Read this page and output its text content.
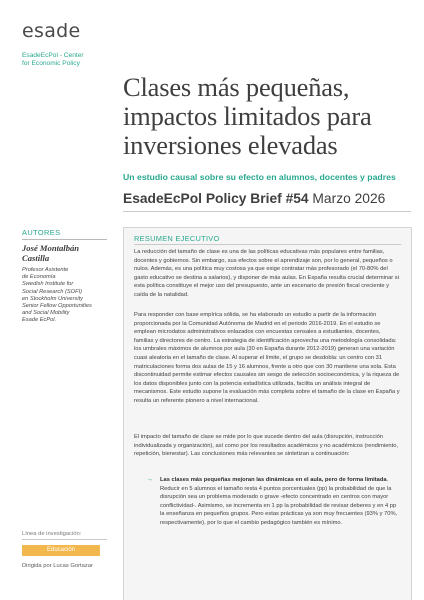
esade
EsadeEcPol - Center
for Economic Policy
AUTORES
José Montalbán
Castilla
Profesor Asistente
de Economía
Swedish Institute for
Social Research (SOFI)
en Stockholm University
Senior Fellow Opportunities
and Social Mobility
Esade EcPol.
Línea de investigación:
Educación
Dirigida por Lucas Gortazar
Clases más pequeñas,
impactos limitados para
inversiones elevadas
Un estudio causal sobre su efecto en alumnos, docentes y padres
EsadeEcPol Policy Brief #54 Marzo 2026
RESUMEN EJECUTIVO
La reducción del tamaño de clase es una de las políticas educativas más populares entre familias, docentes y gobiernos. Sin embargo, sus efectos sobre el aprendizaje son, por lo general, pequeños o nulos. Además, es una política muy costosa ya que exige contratar más profesorado (el 70-80% del gasto educativo se destina a salarios), y disponer de más aulas. En España resulta crucial determinar si esta política constituye el mejor uso del presupuesto, ante un escenario de presión fiscal creciente y caída de la natalidad.
Para responder con base empírica sólida, se ha elaborado un estudio a partir de la información proporcionada por la Comunidad Autónoma de Madrid en el periodo 2016-2019. En el estudio se emplean microdatos administrativos enlazados con encuestas censales a estudiantes, docentes, familias y directores de centro. La estrategia de identificación aprovecha una metodología consolidada: los umbrales máximos de alumnos por aula (30 en España durante 2012-2019) generan una variación cuasi aleatoria en el tamaño de clase. Al superar el límite, el grupo se desdobla: un centro con 31 matriculaciones forma dos aulas de 15 y 16 alumnos, frente a otro que con 30 mantiene una sola. Esta discontinuidad permite estimar efectos causales sin sesgo de selección socioeconómica, y la riqueza de los datos disponibles junto con la potencia estadística utilizada, facilita un análisis integral de mecanismos. Este estudio supone la evaluación más completa sobre el tamaño de la clase en España y resulta un referente pionero a nivel internacional.
El impacto del tamaño de clase se mide por lo que sucede dentro del aula (disrupción, instrucción individualizada y organización), así como por los resultados académicos y no académicos (rendimiento, repetición, bienestar). Las conclusiones más relevantes se sintetizan a continuación:
→ Las clases más pequeñas mejoran las dinámicas en el aula, pero de forma limitada. Reducir en 5 alumnos el tamaño resta 4 puntos porcentuales (pp) la probabilidad de que la disrupción sea un problema moderado o grave -efecto concentrado en centros con mayor conflictividad-. Asimismo, se incrementa en 1 pp la probabilidad de revisar deberes y en 4 pp la enseñanza en pequeños grupos. Pero estas prácticas ya son muy frecuentes (93% y 70%, respectivamente), por lo que el cambio pedagógico también es mínimo.
